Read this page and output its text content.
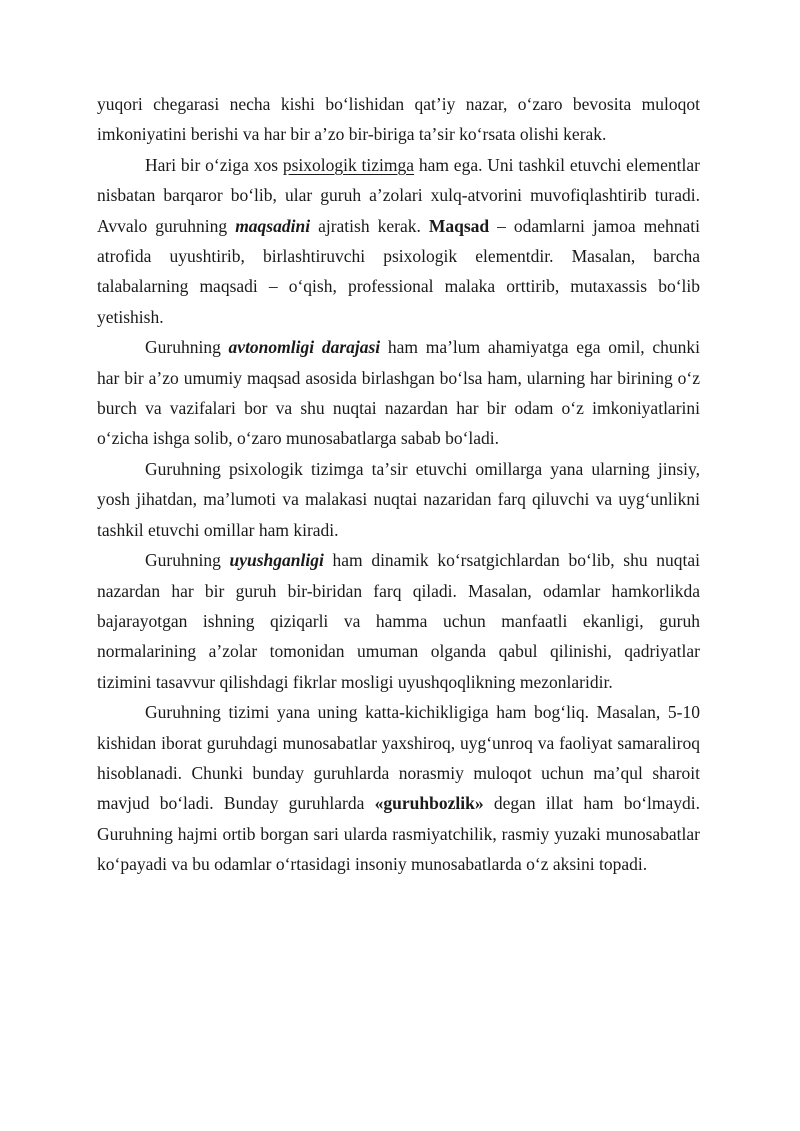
yuqori chegarasi necha kishi boʻlishidan qatʼiy nazar, oʻzaro bevosita muloqot imkoniyatini berishi va har bir aʼzo bir-biriga taʼsir koʻrsata olishi kerak.

Hari bir oʻziga xos psixologik tizimga ham ega. Uni tashkil etuvchi elementlar nisbatan barqaror boʻlib, ular guruh aʼzolari xulq-atvorini muvofiqlashtirib turadi. Avvalo guruhning maqsadini ajratish kerak. Maqsad – odamlarni jamoa mehnati atrofida uyushtirib, birlashtiruvchi psixologik elementdir. Masalan, barcha talabalarning maqsadi – oʻqish, professional malaka orttirib, mutaxassis boʻlib yetishish.

Guruhning avtonomligi darajasi ham maʼlum ahamiyatga ega omil, chunki har bir aʼzo umumiy maqsad asosida birlashgan boʻlsa ham, ularning har birining oʻz burch va vazifalari bor va shu nuqtai nazardan har bir odam oʻz imkoniyatlarini oʻzicha ishga solib, oʻzaro munosabatlarga sabab boʻladi.

Guruhning psixologik tizimga taʼsir etuvchi omillarga yana ularning jinsiy, yosh jihatdan, maʼlumoti va malakasi nuqtai nazaridan farq qiluvchi va uygʻunlikni tashkil etuvchi omillar ham kiradi.

Guruhning uyushganligi ham dinamik koʻrsatgichlardan boʻlib, shu nuqtai nazardan har bir guruh bir-biridan farq qiladi. Masalan, odamlar hamkorlikda bajarayotgan ishning qiziqarli va hamma uchun manfaatli ekanligi, guruh normalarining aʼzolar tomonidan umuman olganda qabul qilinishi, qadriyatlar tizimini tasavvur qilishdagi fikrlar mosligi uyushqoqlikning mezonlaridir.

Guruhning tizimi yana uning katta-kichikligiga ham bogʻliq. Masalan, 5-10 kishidan iborat guruhdagi munosabatlar yaxshiroq, uygʻunroq va faoliyat samaraliroq hisoblanadi. Chunki bunday guruhlarda norasmiy muloqot uchun maʼqul sharoit mavjud boʻladi. Bunday guruhlarda «guruhbozlik» degan illat ham boʻlmaydi. Guruhning hajmi ortib borgan sari ularda rasmiyatchilik, rasmiy yuzaki munosabatlar koʻpayadi va bu odamlar oʻrtasidagi insoniy munosabatlarda oʻz aksini topadi.
